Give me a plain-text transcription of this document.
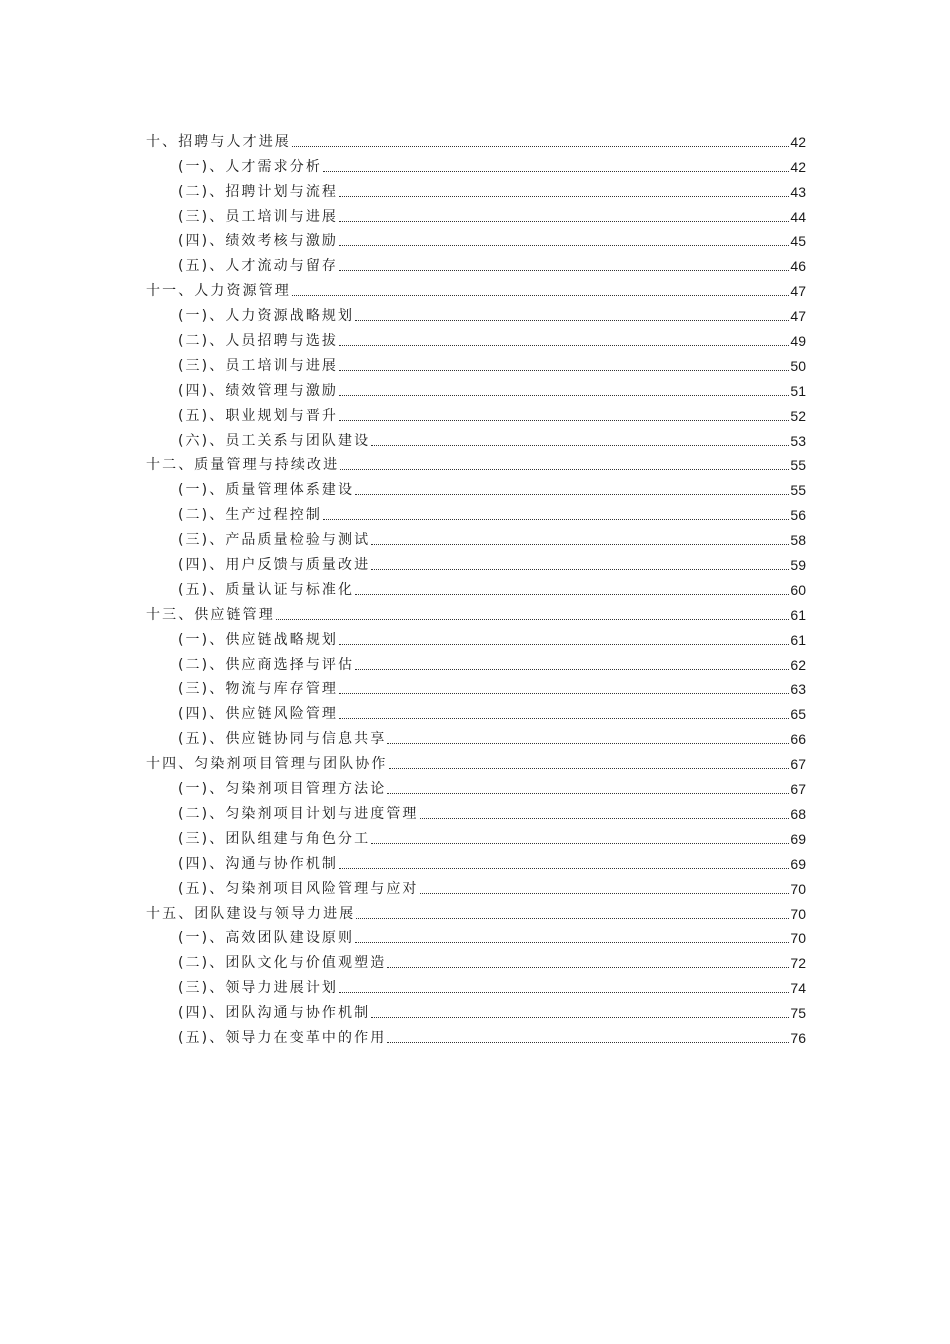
十、招聘与人才进展	42
(一)、人才需求分析	42
(二)、招聘计划与流程	43
(三)、员工培训与进展	44
(四)、绩效考核与激励	45
(五)、人才流动与留存	46
十一、人力资源管理	47
(一)、人力资源战略规划	47
(二)、人员招聘与选拔	49
(三)、员工培训与进展	50
(四)、绩效管理与激励	51
(五)、职业规划与晋升	52
(六)、员工关系与团队建设	53
十二、质量管理与持续改进	55
(一)、质量管理体系建设	55
(二)、生产过程控制	56
(三)、产品质量检验与测试	58
(四)、用户反馈与质量改进	59
(五)、质量认证与标准化	60
十三、供应链管理	61
(一)、供应链战略规划	61
(二)、供应商选择与评估	62
(三)、物流与库存管理	63
(四)、供应链风险管理	65
(五)、供应链协同与信息共享	66
十四、匀染剂项目管理与团队协作	67
(一)、匀染剂项目管理方法论	67
(二)、匀染剂项目计划与进度管理	68
(三)、团队组建与角色分工	69
(四)、沟通与协作机制	69
(五)、匀染剂项目风险管理与应对	70
十五、团队建设与领导力进展	70
(一)、高效团队建设原则	70
(二)、团队文化与价值观塑造	72
(三)、领导力进展计划	74
(四)、团队沟通与协作机制	75
(五)、领导力在变革中的作用	76
